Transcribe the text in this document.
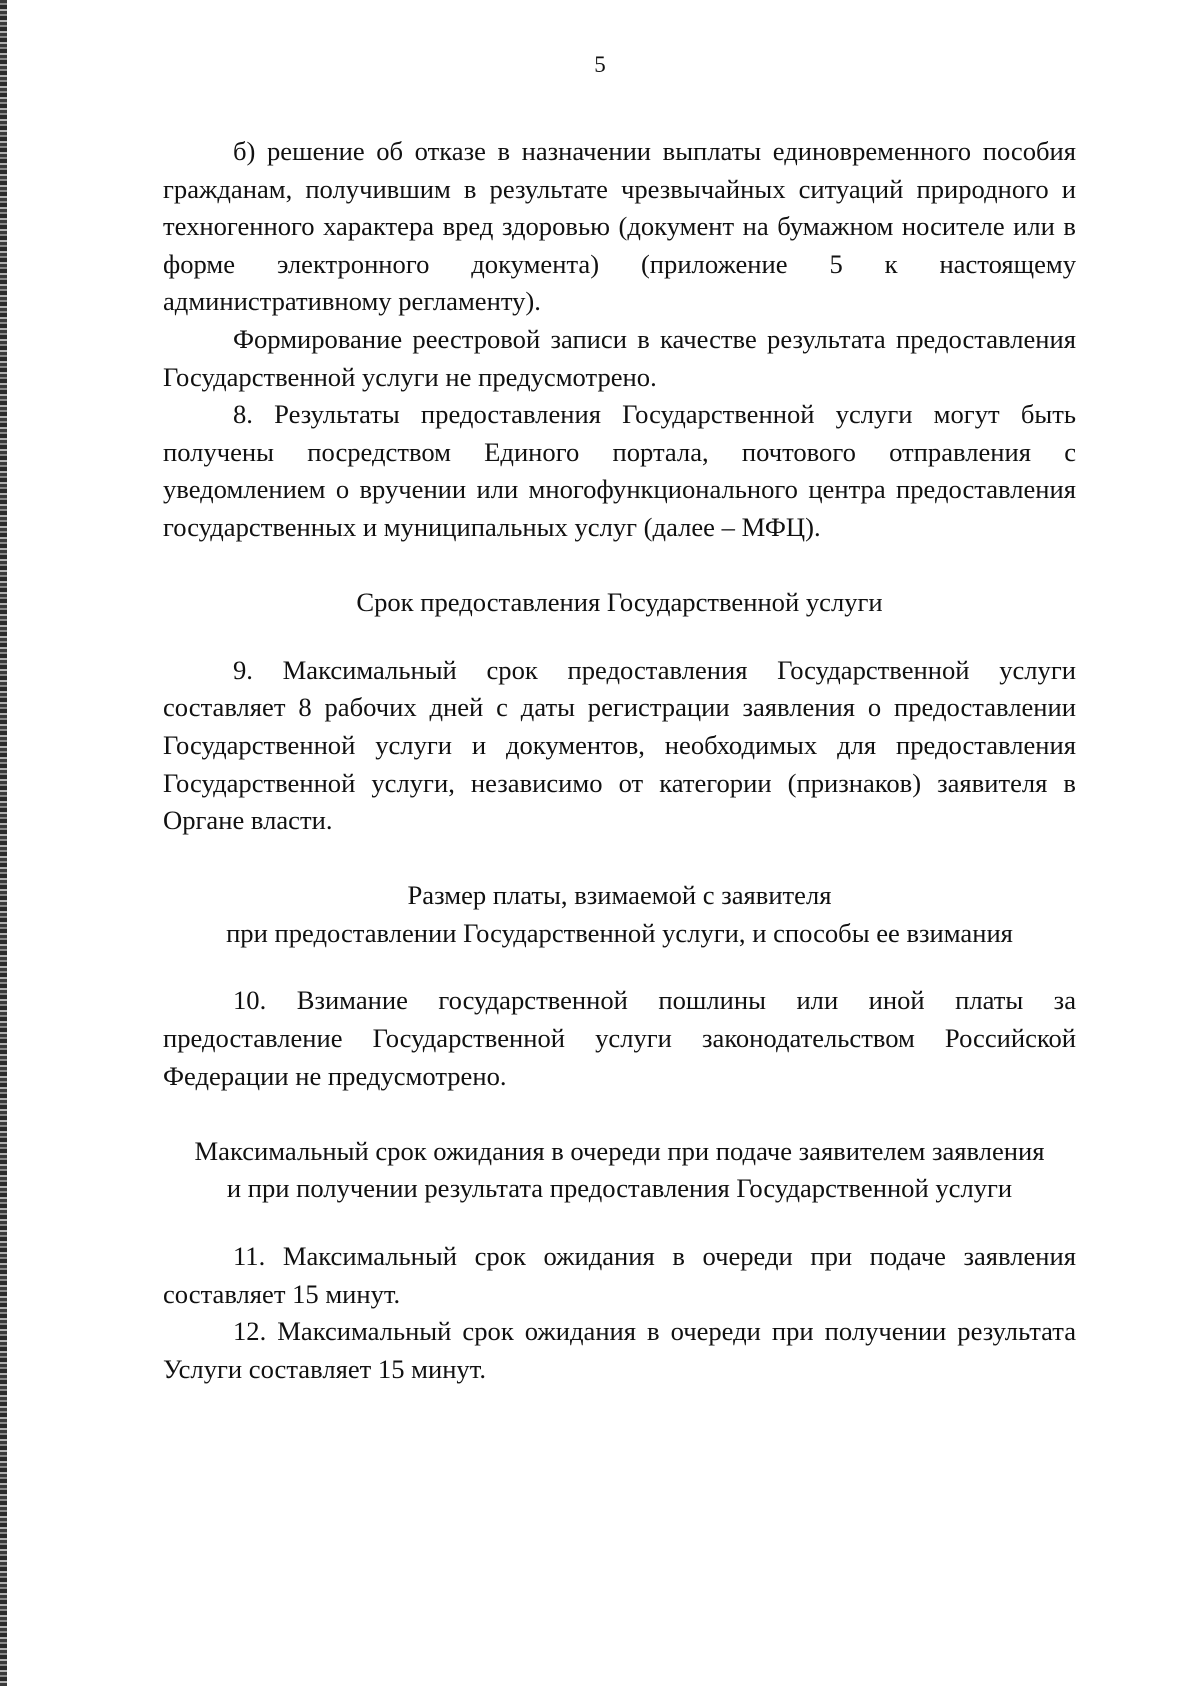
5

б) решение об отказе в назначении выплаты единовременного пособия гражданам, получившим в результате чрезвычайных ситуаций природного и техногенного характера вред здоровью (документ на бумажном носителе или в форме электронного документа) (приложение 5 к настоящему административному регламенту).

Формирование реестровой записи в качестве результата предоставления Государственной услуги не предусмотрено.

8. Результаты предоставления Государственной услуги могут быть получены посредством Единого портала, почтового отправления с уведомлением о вручении или многофункционального центра предоставления государственных и муниципальных услуг (далее – МФЦ).

Срок предоставления Государственной услуги

9. Максимальный срок предоставления Государственной услуги составляет 8 рабочих дней с даты регистрации заявления о предоставлении Государственной услуги и документов, необходимых для предоставления Государственной услуги, независимо от категории (признаков) заявителя в Органе власти.

Размер платы, взимаемой с заявителя

при предоставлении Государственной услуги, и способы ее взимания

10. Взимание государственной пошлины или иной платы за предоставление Государственной услуги законодательством Российской Федерации не предусмотрено.

Максимальный срок ожидания в очереди при подаче заявителем заявления

и при получении результата предоставления Государственной услуги

11. Максимальный срок ожидания в очереди при подаче заявления составляет 15 минут.

12. Максимальный срок ожидания в очереди при получении результата Услуги составляет 15 минут.
